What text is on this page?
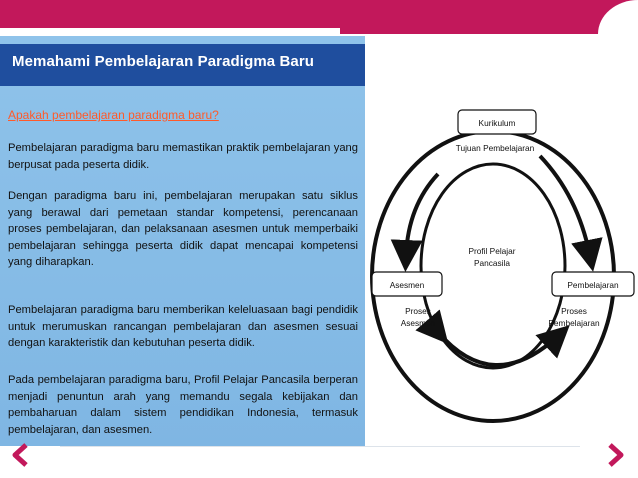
Memahami Pembelajaran Paradigma Baru
Apakah pembelajaran paradigma baru?

Pembelajaran paradigma baru memastikan praktik pembelajaran yang berpusat pada peserta didik.

Dengan paradigma baru ini, pembelajaran merupakan satu siklus yang berawal dari pemetaan standar kompetensi, perencanaan proses pembelajaran, dan pelaksanaan asesmen untuk memperbaiki pembelajaran sehingga peserta didik dapat mencapai kompetensi yang diharapkan.

Pembelajaran paradigma baru memberikan keleluasaan bagi pendidik untuk merumuskan rancangan pembelajaran dan asesmen sesuai dengan karakteristik dan kebutuhan peserta didik.

Pada pembelajaran paradigma baru, Profil Pelajar Pancasila berperan menjadi penuntun arah yang memandu segala kebijakan dan pembaharuan dalam sistem pendidikan Indonesia, termasuk pembelajaran, dan asesmen.

Kurikulum
Tujuan Pembelajaran
Asesmen	Pembelajaran
Profil Pelajar
Pancasila
Proses
Asesmen
Proses
Pembelajaran
